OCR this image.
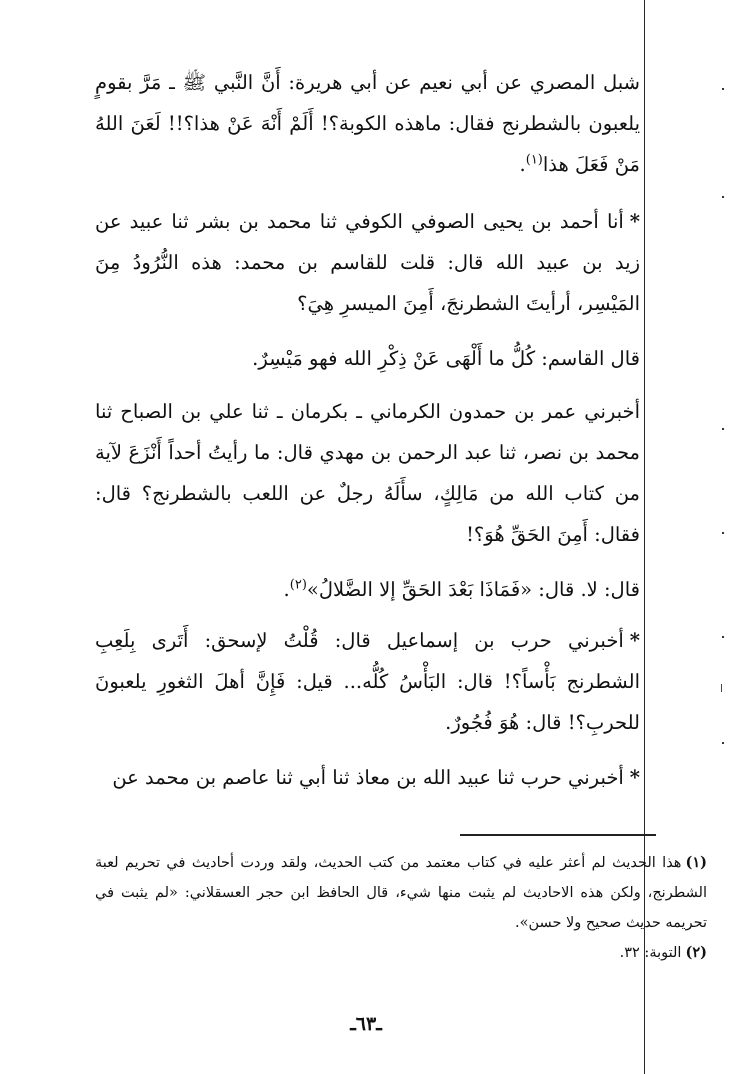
شبل المصري عن أبي نعيم عن أبي هريرة: أَنَّ النَّبي ﷺ ـ مَرَّ بقومٍ يلعبون بالشطرنج فقال: ماهذه الكوبة؟! أَلَمْ أَنْهَ عَنْ هذا؟!! لَعَنَ اللهُ مَنْ فَعَلَ هذا$^{(١)}$.

*أنا أحمد بن يحيى الصوفي الكوفي ثنا محمد بن بشر ثنا عبيد عن زيد بن عبيد الله قال: قلت للقاسم بن محمد: هذه النُّرُودُ مِنَ المَيْسِر، أرأيتَ الشطرنجَ، أَمِنَ الميسرِ هِيَ؟

قال القاسم: كُلُّ ما أَلْهَى عَنْ ذِكْرِ الله فهو مَيْسِرٌ.

أخبرني عمر بن حمدون الكرماني ـ بكرمان ـ ثنا علي بن الصباح ثنا محمد بن نصر، ثنا عبد الرحمن بن مهدي قال: ما رأيتُ أحداً أَنْزَعَ لآية من كتاب الله من مَالِكٍ، سأَلَهُ رجلٌ عن اللعب بالشطرنج؟ قال: فقال: أَمِنَ الحَقِّ هُوَ؟!

قال: لا. قال: «فَمَاذَا بَعْدَ الحَقِّ إلا الضَّلالُ»$^{(٢)}$.

*أخبرني حرب بن إسماعيل قال: قُلْتُ لإسحق: أَتَرى بِلَعِبِ الشطرنج بَأْساً؟! قال: البَأْسُ كُلُّه... قيل: فَإِنَّ أهلَ الثغورِ يلعبونَ للحربِ؟! قال: هُوَ فُجُورٌ.

*أخبرني حرب ثنا عبيد الله بن معاذ ثنا أبي ثنا عاصم بن محمد عن

(١)هذا الحديث لم أعثر عليه في كتاب معتمد من كتب الحديث، ولقد وردت أحاديث في تحريم لعبة الشطرنج، ولكن هذه الاحاديث لم يثبت منها شيء، قال الحافظ ابن حجر العسقلاني: «لم يثبت في تحريمه حديث صحيح ولا حسن».

(٢)التوبة: ٣٢.

ـ٦٣ـ
